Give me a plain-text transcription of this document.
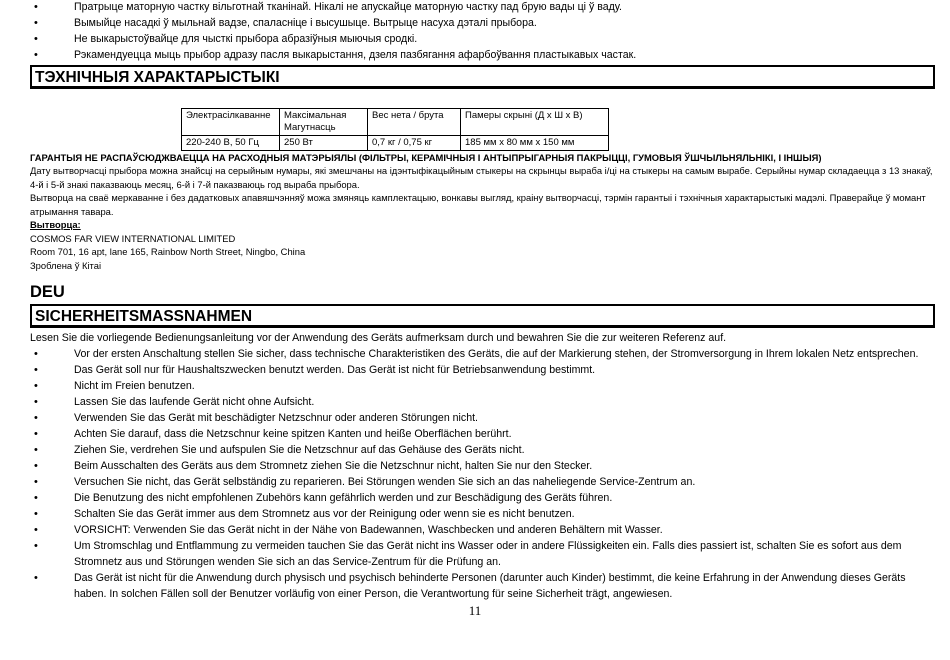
• Пратрыце маторную частку вільготнай тканінай. Нікалі не апускайце маторную частку пад брую вады ці ў ваду.
• Вымыйце насадкі ў мыльнай вадзе, спаласніце і высушыце. Вытрыце насуха дэталі прыбора.
• Не выкарыстоўвайце для чысткі прыбора абразіўныя мыючыя сродкі.
• Рэкамендуецца мыць прыбор адразу пасля выкарыстання, дзеля пазбягання афарбоўвання пластыкавых частак.
ТЭХНІЧНЫЯ ХАРАКТАРЫСТЫКІ
Электрасілкаванне	Максімальная Магутнасць	Вес нета / брута	Памеры скрыні (Д х Ш х В)
220-240 В, 50 Гц	250 Вт	0,7 кг / 0,75 кг	185 мм х 80 мм х 150 мм
ГАРАНТЫЯ НЕ РАСПАЎСЮДЖВАЕЦЦА НА РАСХОДНЫЯ МАТЭРЫЯЛЫ (ФІЛЬТРЫ, КЕРАМІЧНЫЯ І АНТЫПРЫГАРНЫЯ ПАКРЫЦЦІ, ГУМОВЫЯ ЎШЧЫЛЬНЯЛЬНІКІ, І ІНШЫЯ)
Дату вытворчасці прыбора можна знайсці на серыйным нумары, які змешчаны на ідэнтыфікацыйным стыкеры на скрынцы вырабa і/ці на стыкеры на самым вырабе. Серыйны нумар складаецца з 13 знакаў, 4-й і 5-й знакі паказваюць месяц, 6-й і 7-й паказваюць год выраба прыбора.
Вытворца на сваё меркаванне і без дадатковых апавяшчэнняў можа змяняць камплектацыю, вонкавы выгляд, краіну вытворчасці, тэрмін гарантыі і тэхнічныя характарыстыкі мадэлі. Праверайце ў момант атрымання тавара.
Вытворца:
COSMOS FAR VIEW INTERNATIONAL LIMITED
Room 701, 16 apt, lane 165, Rainbow North Street, Ningbo, China
Зроблена ў Кітаі
DEU
SICHERHEITSMASSNAHMEN
Lesen Sie die vorliegende Bedienungsanleitung vor der Anwendung des Geräts aufmerksam durch und bewahren Sie die zur weiteren Referenz auf.
• Vor der ersten Anschaltung stellen Sie sicher, dass technische Charakteristiken des Geräts, die auf der Markierung stehen, der Stromversorgung in Ihrem lokalen Netz entsprechen.
• Das Gerät soll nur für Haushaltszwecken benutzt werden. Das Gerät ist nicht für Betriebsanwendung bestimmt.
• Nicht im Freien benutzen.
• Lassen Sie das laufende Gerät nicht ohne Aufsicht.
• Verwenden Sie das Gerät mit beschädigter Netzschnur oder anderen Störungen nicht.
• Achten Sie darauf, dass die Netzschnur keine spitzen Kanten und heiße Oberflächen berührt.
• Ziehen Sie, verdrehen Sie und aufspulen Sie die Netzschnur auf das Gehäuse des Geräts nicht.
• Beim Ausschalten des Geräts aus dem Stromnetz ziehen Sie die Netzschnur nicht, halten Sie nur den Stecker.
• Versuchen Sie nicht, das Gerät selbständig zu reparieren. Bei Störungen wenden Sie sich an das naheliegende Service-Zentrum an.
• Die Benutzung des nicht empfohlenen Zubehörs kann gefährlich werden und zur Beschädigung des Geräts führen.
• Schalten Sie das Gerät immer aus dem Stromnetz aus vor der Reinigung oder wenn sie es nicht benutzen.
• VORSICHT: Verwenden Sie das Gerät nicht in der Nähe von Badewannen, Waschbecken und anderen Behältern mit Wasser.
• Um Stromschlag und Entflammung zu vermeiden tauchen Sie das Gerät nicht ins Wasser oder in andere Flüssigkeiten ein. Falls dies passiert ist, schalten Sie es sofort aus dem Stromnetz aus und Störungen wenden Sie sich an das Service-Zentrum für die Prüfung an.
• Das Gerät ist nicht für die Anwendung durch physisch und psychisch behinderte Personen (darunter auch Kinder) bestimmt, die keine Erfahrung in der Anwendung dieses Geräts haben. In solchen Fällen soll der Benutzer vorläufig von einer Person, die Verantwortung für seine Sicherheit trägt, angewiesen.
11
